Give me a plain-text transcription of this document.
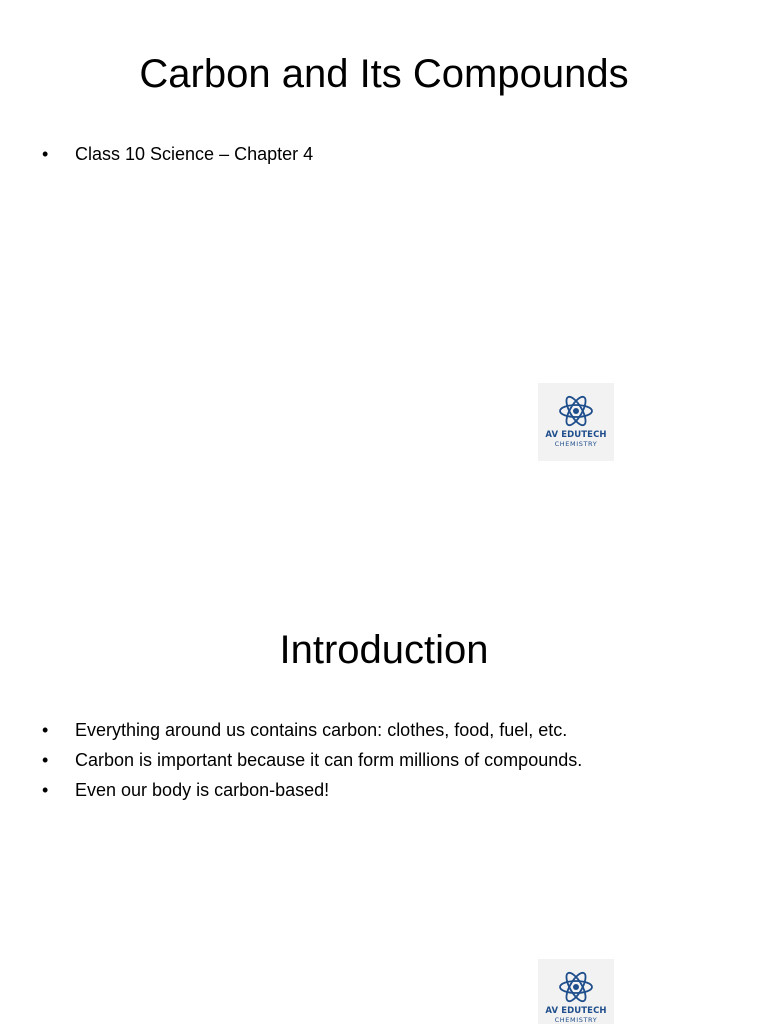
Carbon and Its Compounds
• Class 10 Science – Chapter 4
AV EDUTECH
CHEMISTRY
Introduction
• Everything around us contains carbon: clothes, food, fuel, etc.
• Carbon is important because it can form millions of compounds.
• Even our body is carbon-based!
AV EDUTECH
CHEMISTRY
